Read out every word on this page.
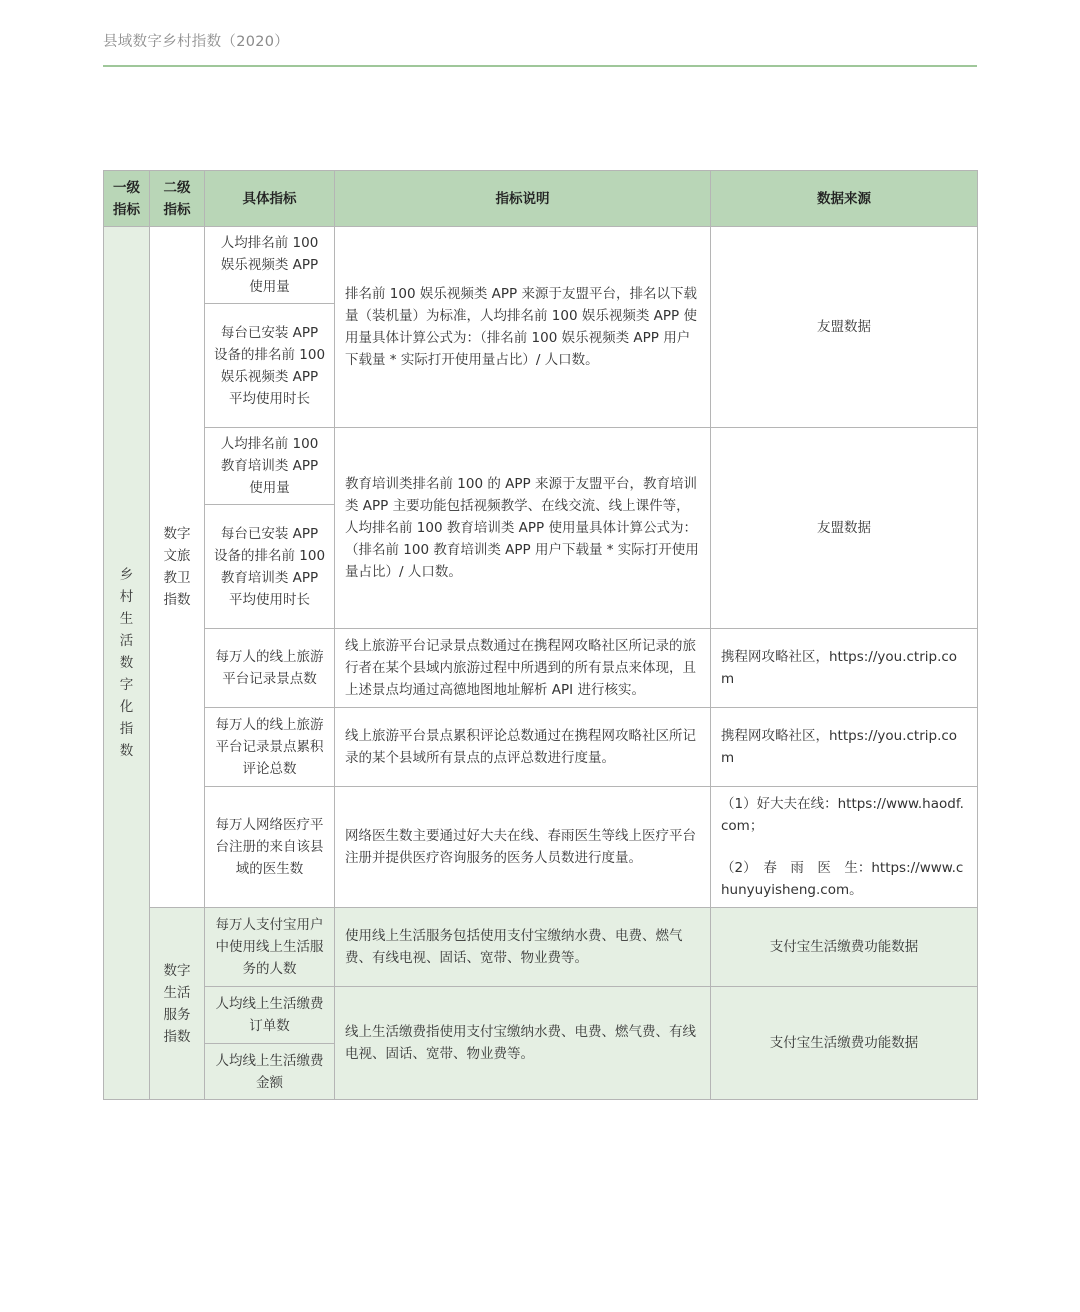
县域数字乡村指数（2020）
一级指标	二级指标	具体指标	指标说明	数据来源
乡村生活数字化指数	数字文旅教卫指数	人均排名前 100 娱乐视频类 APP 使用量	排名前 100 娱乐视频类 APP 来源于友盟平台，排名以下载量（装机量）为标准，人均排名前 100 娱乐视频类 APP 使用量具体计算公式为：（排名前 100 娱乐视频类 APP 用户下载量 * 实际打开使用量占比）/ 人口数。	友盟数据
		每台已安装 APP 设备的排名前 100 娱乐视频类 APP 平均使用时长		
		人均排名前 100 教育培训类 APP 使用量	教育培训类排名前 100 的 APP 来源于友盟平台，教育培训类 APP 主要功能包括视频教学、在线交流、线上课件等，人均排名前 100 教育培训类 APP 使用量具体计算公式为：（排名前 100 教育培训类 APP 用户下载量 * 实际打开使用量占比）/ 人口数。	友盟数据
		每台已安装 APP 设备的排名前 100 教育培训类 APP 平均使用时长		
		每万人的线上旅游平台记录景点数	线上旅游平台记录景点数通过在携程网攻略社区所记录的旅行者在某个县域内旅游过程中所遇到的所有景点来体现，且上述景点均通过高德地图地址解析 API 进行核实。	携程网攻略社区，https://you.ctrip.com
		每万人的线上旅游平台记录景点累积评论总数	线上旅游平台景点累积评论总数通过在携程网攻略社区所记录的某个县域所有景点的点评总数进行度量。	携程网攻略社区，https://you.ctrip.com
		每万人网络医疗平台注册的来自该县域的医生数	网络医生数主要通过好大夫在线、春雨医生等线上医疗平台注册并提供医疗咨询服务的医务人员数进行度量。	（1）好大夫在线：https://www.haodf.com；
（2）　春　雨　医　生：https://www.chunyuyisheng.com。

	数字生活服务指数	每万人支付宝用户中使用线上生活服务的人数	使用线上生活服务包括使用支付宝缴纳水费、电费、燃气费、有线电视、固话、宽带、物业费等。	支付宝生活缴费功能数据
		人均线上生活缴费订单数	线上生活缴费指使用支付宝缴纳水费、电费、燃气费、有线电视、固话、宽带、物业费等。	支付宝生活缴费功能数据
		人均线上生活缴费金额		
